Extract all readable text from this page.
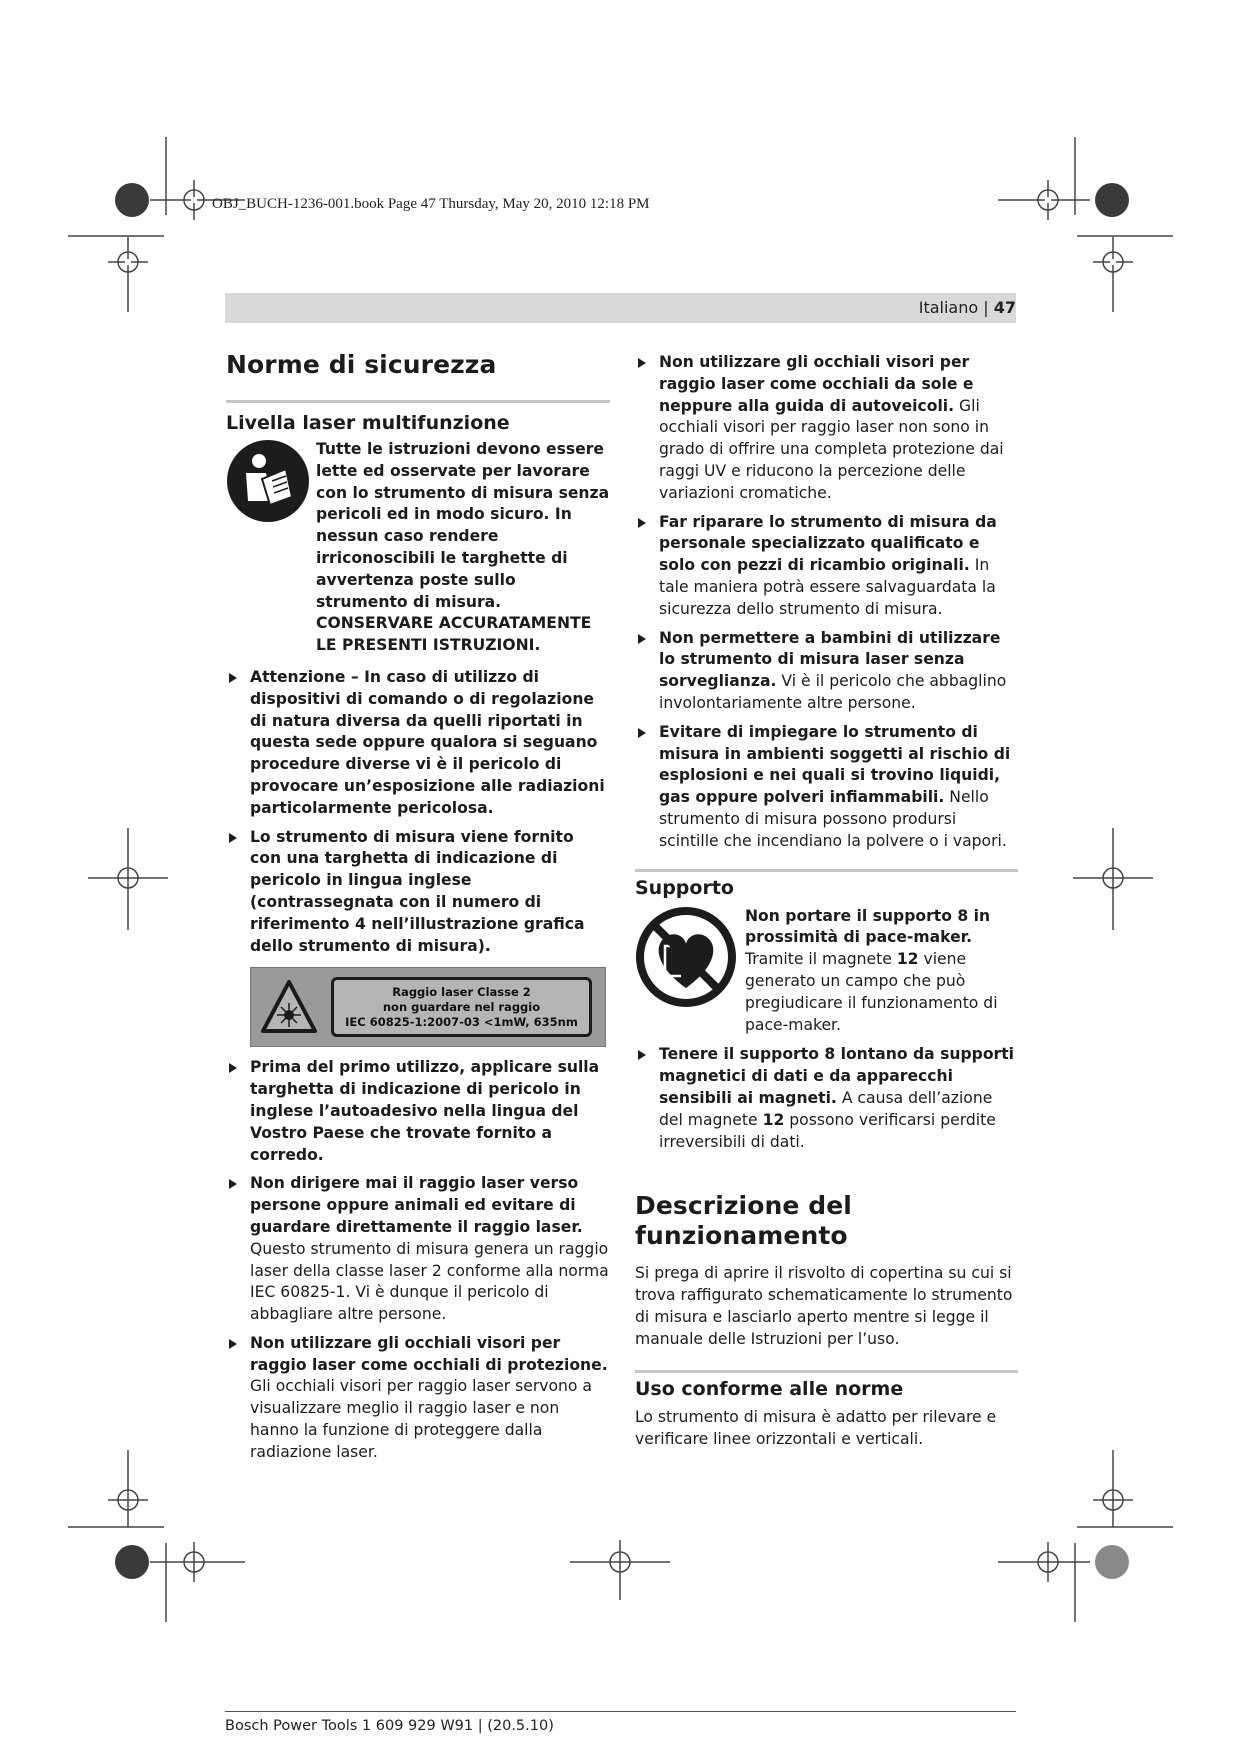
OBJ_BUCH-1236-001.book Page 47 Thursday, May 20, 2010 12:18 PM
Italiano | 47
Norme di sicurezza
Livella laser multifunzione
Tutte le istruzioni devono essere lette ed osservate per lavorare con lo strumento di misura senza pericoli ed in modo sicuro. In nessun caso rendere irriconoscibili le targhette di avvertenza poste sullo strumento di misura. CONSERVARE ACCURATAMENTE LE PRESENTI ISTRUZIONI.
Attenzione – In caso di utilizzo di dispositivi di comando o di regolazione di natura diversa da quelli riportati in questa sede oppure qualora si seguano procedure diverse vi è il pericolo di provocare un’esposizione alle radiazioni particolarmente pericolosa.
Lo strumento di misura viene fornito con una targhetta di indicazione di pericolo in lingua inglese (contrassegnata con il numero di riferimento 4 nell’illustrazione grafica dello strumento di misura).
Raggio laser Classe 2
non guardare nel raggio
IEC 60825-1:2007-03 <1mW, 635nm
Prima del primo utilizzo, applicare sulla targhetta di indicazione di pericolo in inglese l’autoadesivo nella lingua del Vostro Paese che trovate fornito a corredo.
Non dirigere mai il raggio laser verso persone oppure animali ed evitare di guardare direttamente il raggio laser. Questo strumento di misura genera un raggio laser della classe laser 2 conforme alla norma IEC 60825-1. Vi è dunque il pericolo di abbagliare altre persone.
Non utilizzare gli occhiali visori per raggio laser come occhiali di protezione. Gli occhiali visori per raggio laser servono a visualizzare meglio il raggio laser e non hanno la funzione di proteggere dalla radiazione laser.
Non utilizzare gli occhiali visori per raggio laser come occhiali da sole e neppure alla guida di autoveicoli. Gli occhiali visori per raggio laser non sono in grado di offrire una completa protezione dai raggi UV e riducono la percezione delle variazioni cromatiche.
Far riparare lo strumento di misura da personale specializzato qualificato e solo con pezzi di ricambio originali. In tale maniera potrà essere salvaguardata la sicurezza dello strumento di misura.
Non permettere a bambini di utilizzare lo strumento di misura laser senza sorveglianza. Vi è il pericolo che abbaglino involontariamente altre persone.
Evitare di impiegare lo strumento di misura in ambienti soggetti al rischio di esplosioni e nei quali si trovino liquidi, gas oppure polveri infiammabili. Nello strumento di misura possono prodursi scintille che incendiano la polvere o i vapori.
Supporto
Non portare il supporto 8 in prossimità di pace-maker. Tramite il magnete 12 viene generato un campo che può pregiudicare il funzionamento di pace-maker.
Tenere il supporto 8 lontano da supporti magnetici di dati e da apparecchi sensibili ai magneti. A causa dell’azione del magnete 12 possono verificarsi perdite irreversibili di dati.
Descrizione del funzionamento
Si prega di aprire il risvolto di copertina su cui si trova raffigurato schematicamente lo strumento di misura e lasciarlo aperto mentre si legge il manuale delle Istruzioni per l’uso.
Uso conforme alle norme
Lo strumento di misura è adatto per rilevare e verificare linee orizzontali e verticali.
Bosch Power Tools 1 609 929 W91 | (20.5.10)
